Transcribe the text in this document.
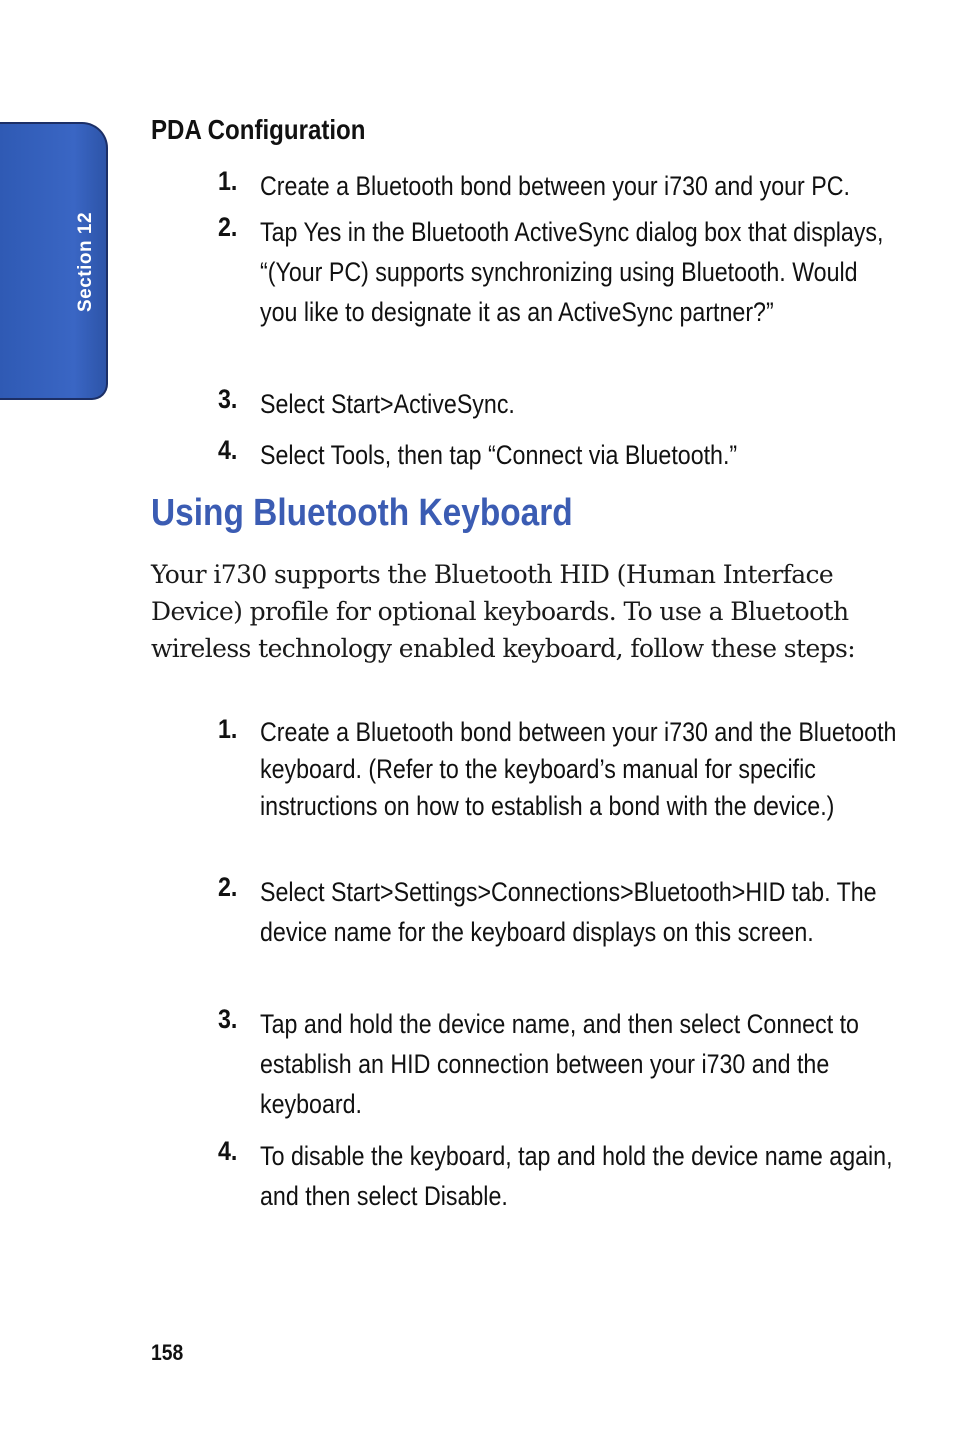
Section 12
PDA Configuration
1. Create a Bluetooth bond between your i730 and your PC.
2. Tap Yes in the Bluetooth ActiveSync dialog box that displays, “(Your PC) supports synchronizing using Bluetooth. Would you like to designate it as an ActiveSync partner?”
3. Select Start>ActiveSync.
4. Select Tools, then tap “Connect via Bluetooth.”
Using Bluetooth Keyboard

Your i730 supports the Bluetooth HID (Human Interface Device) profile for optional keyboards. To use a Bluetooth wireless technology enabled keyboard, follow these steps:

1. Create a Bluetooth bond between your i730 and the Bluetooth keyboard. (Refer to the keyboard’s manual for specific instructions on how to establish a bond with the device.)
2. Select Start>Settings>Connections>Bluetooth>HID tab. The device name for the keyboard displays on this screen.
3. Tap and hold the device name, and then select Connect to establish an HID connection between your i730 and the keyboard.
4. To disable the keyboard, tap and hold the device name again, and then select Disable.
158
